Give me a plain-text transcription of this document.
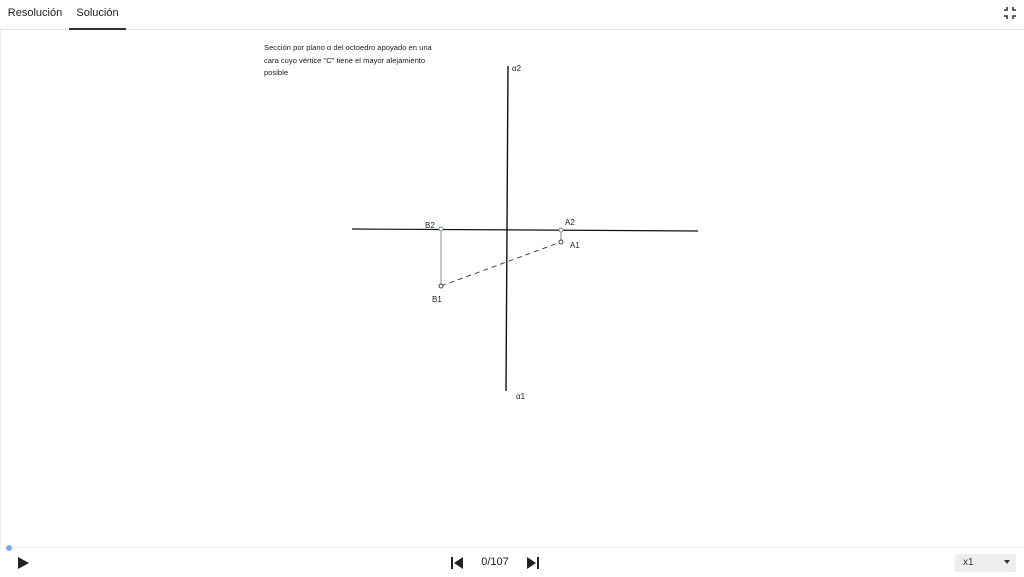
Resolución	Solución
Sección por plano α del octoedro apoyado en una cara cuyo vértice "C" tiene el mayor alejamiento posible	α2
α1
B2	A2
A1
B1
0/107	x1
